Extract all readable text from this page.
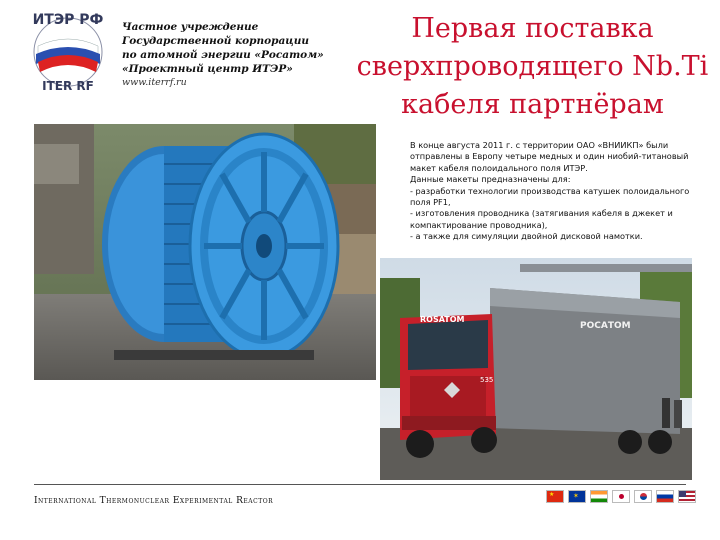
ИТЭР РФ
ITER RF
Частное учреждение
Государственной корпорации
по атомной энергии «Росатом»
«Проектный центр ИТЭР»
www.iterrf.ru
Первая поставка
сверхпроводящего Nb.Ti
кабеля партнёрам
В конце августа 2011 г. с территории ОАО «ВНИИКП» были отправлены в Европу четыре медных и один ниобий-титановый макет кабеля полоидального поля ИТЭР.
Данные макеты предназначены для:
- разработки технологии производства катушек полоидального поля PF1,
- изготовления проводника (затягивания кабеля в джекет и компактирование проводника),
- а также для симуляции двойной дисковой намотки.
РОСАТОМ
ROSATOM
535
International Thermonuclear Experimental Reactor
★	✶
